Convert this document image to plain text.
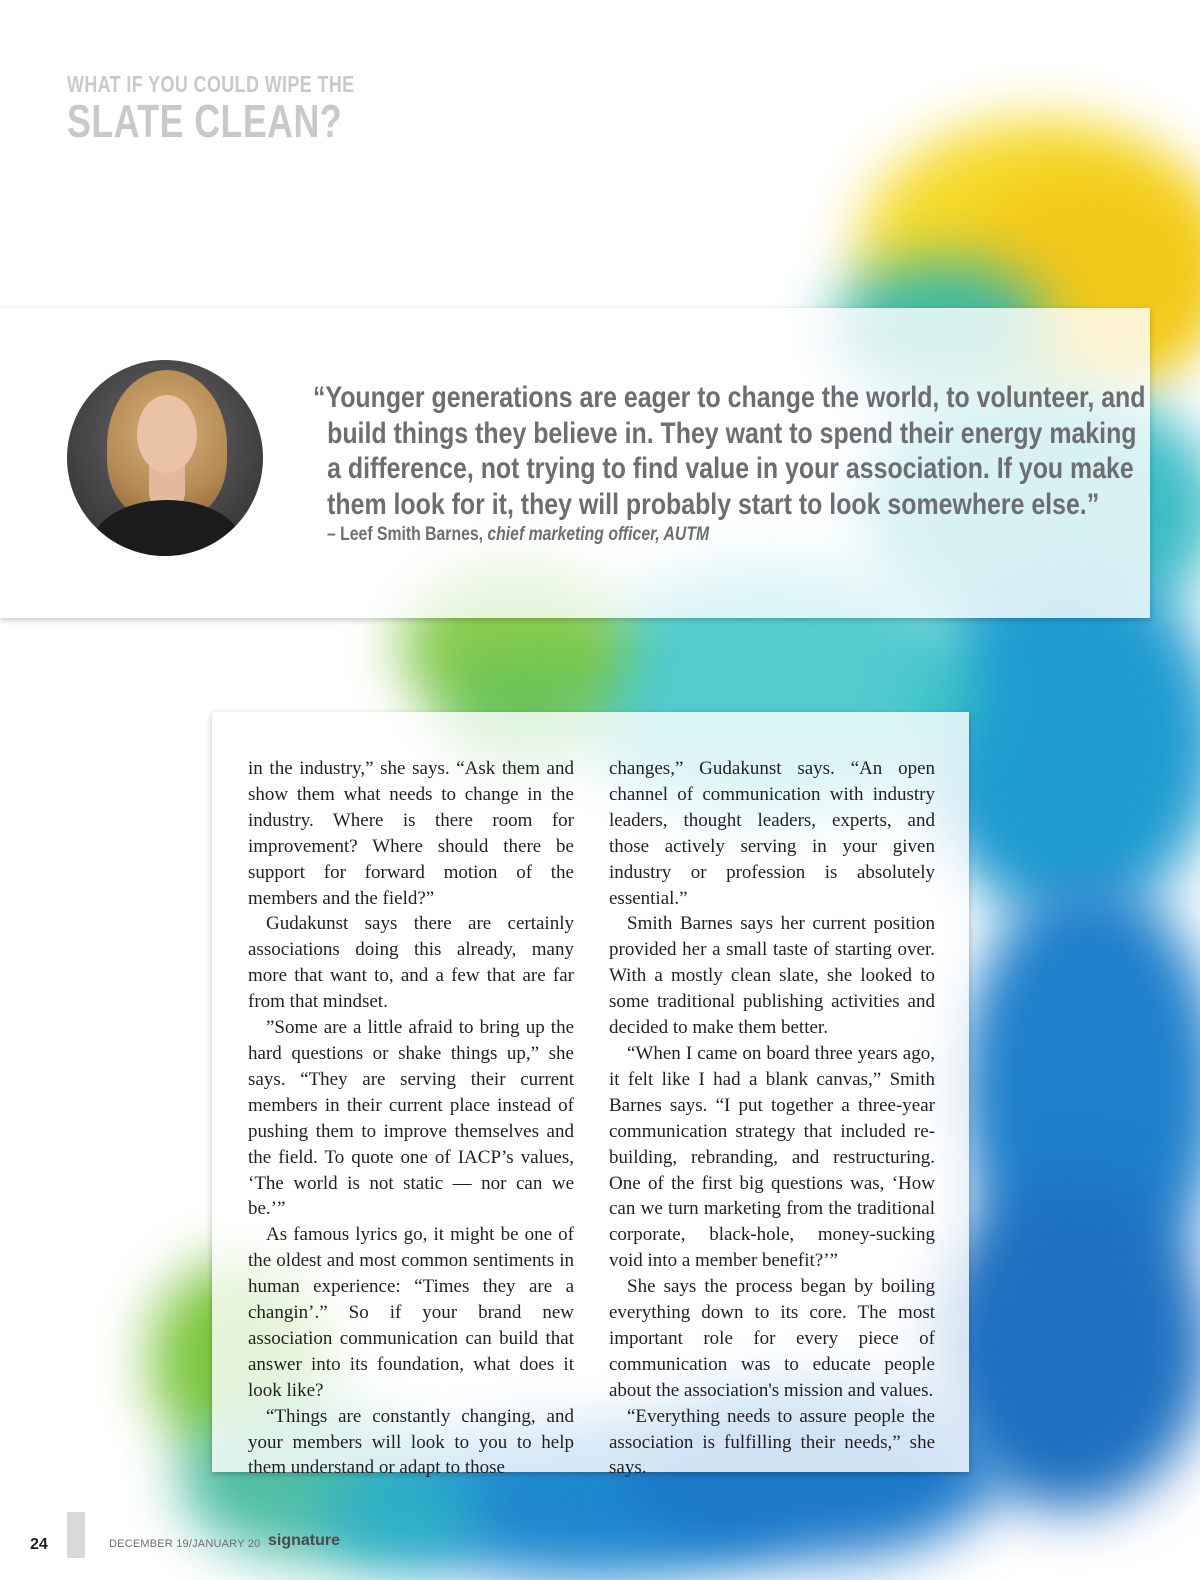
WHAT IF YOU COULD WIPE THE
SLATE CLEAN?

“Younger generations are eager to change the world, to volunteer, and
build things they believe in. They want to spend their energy making
a difference, not trying to find value in your association. If you make
them look for it, they will probably start to look somewhere else.”

– Leef Smith Barnes, chief marketing officer, AUTM

in the industry,” she says. “Ask them and show them what needs to change in the industry. Where is there room for improvement? Where should there be support for forward motion of the members and the field?”

Gudakunst says there are certainly associations doing this already, many more that want to, and a few that are far from that mindset.

”Some are a little afraid to bring up the hard questions or shake things up,” she says. “They are serving their current members in their current place instead of pushing them to improve themselves and the field. To quote one of IACP’s values, ‘The world is not static — nor can we be.’”

As famous lyrics go, it might be one of the oldest and most common sentiments in human experience: “Times they are a changin’.” So if your brand new association communication can build that answer into its foundation, what does it look like?

“Things are constantly changing, and your members will look to you to help them understand or adapt to those

changes,” Gudakunst says. “An open channel of communication with industry leaders, thought leaders, experts, and those actively serving in your given industry or profession is absolutely essential.”

Smith Barnes says her current position provided her a small taste of starting over. With a mostly clean slate, she looked to some traditional publishing activities and decided to make them better.

“When I came on board three years ago, it felt like I had a blank canvas,” Smith Barnes says. “I put together a three-year communication strategy that included re-building, rebranding, and restructuring. One of the first big questions was, ‘How can we turn marketing from the traditional corporate, black-hole, money-sucking void into a member benefit?’”

She says the process began by boiling everything down to its core. The most important role for every piece of communication was to educate people about the association's mission and values.

“Everything needs to assure people the association is fulfilling their needs,” she says.

24	DECEMBER 19/JANUARY 20 signature
